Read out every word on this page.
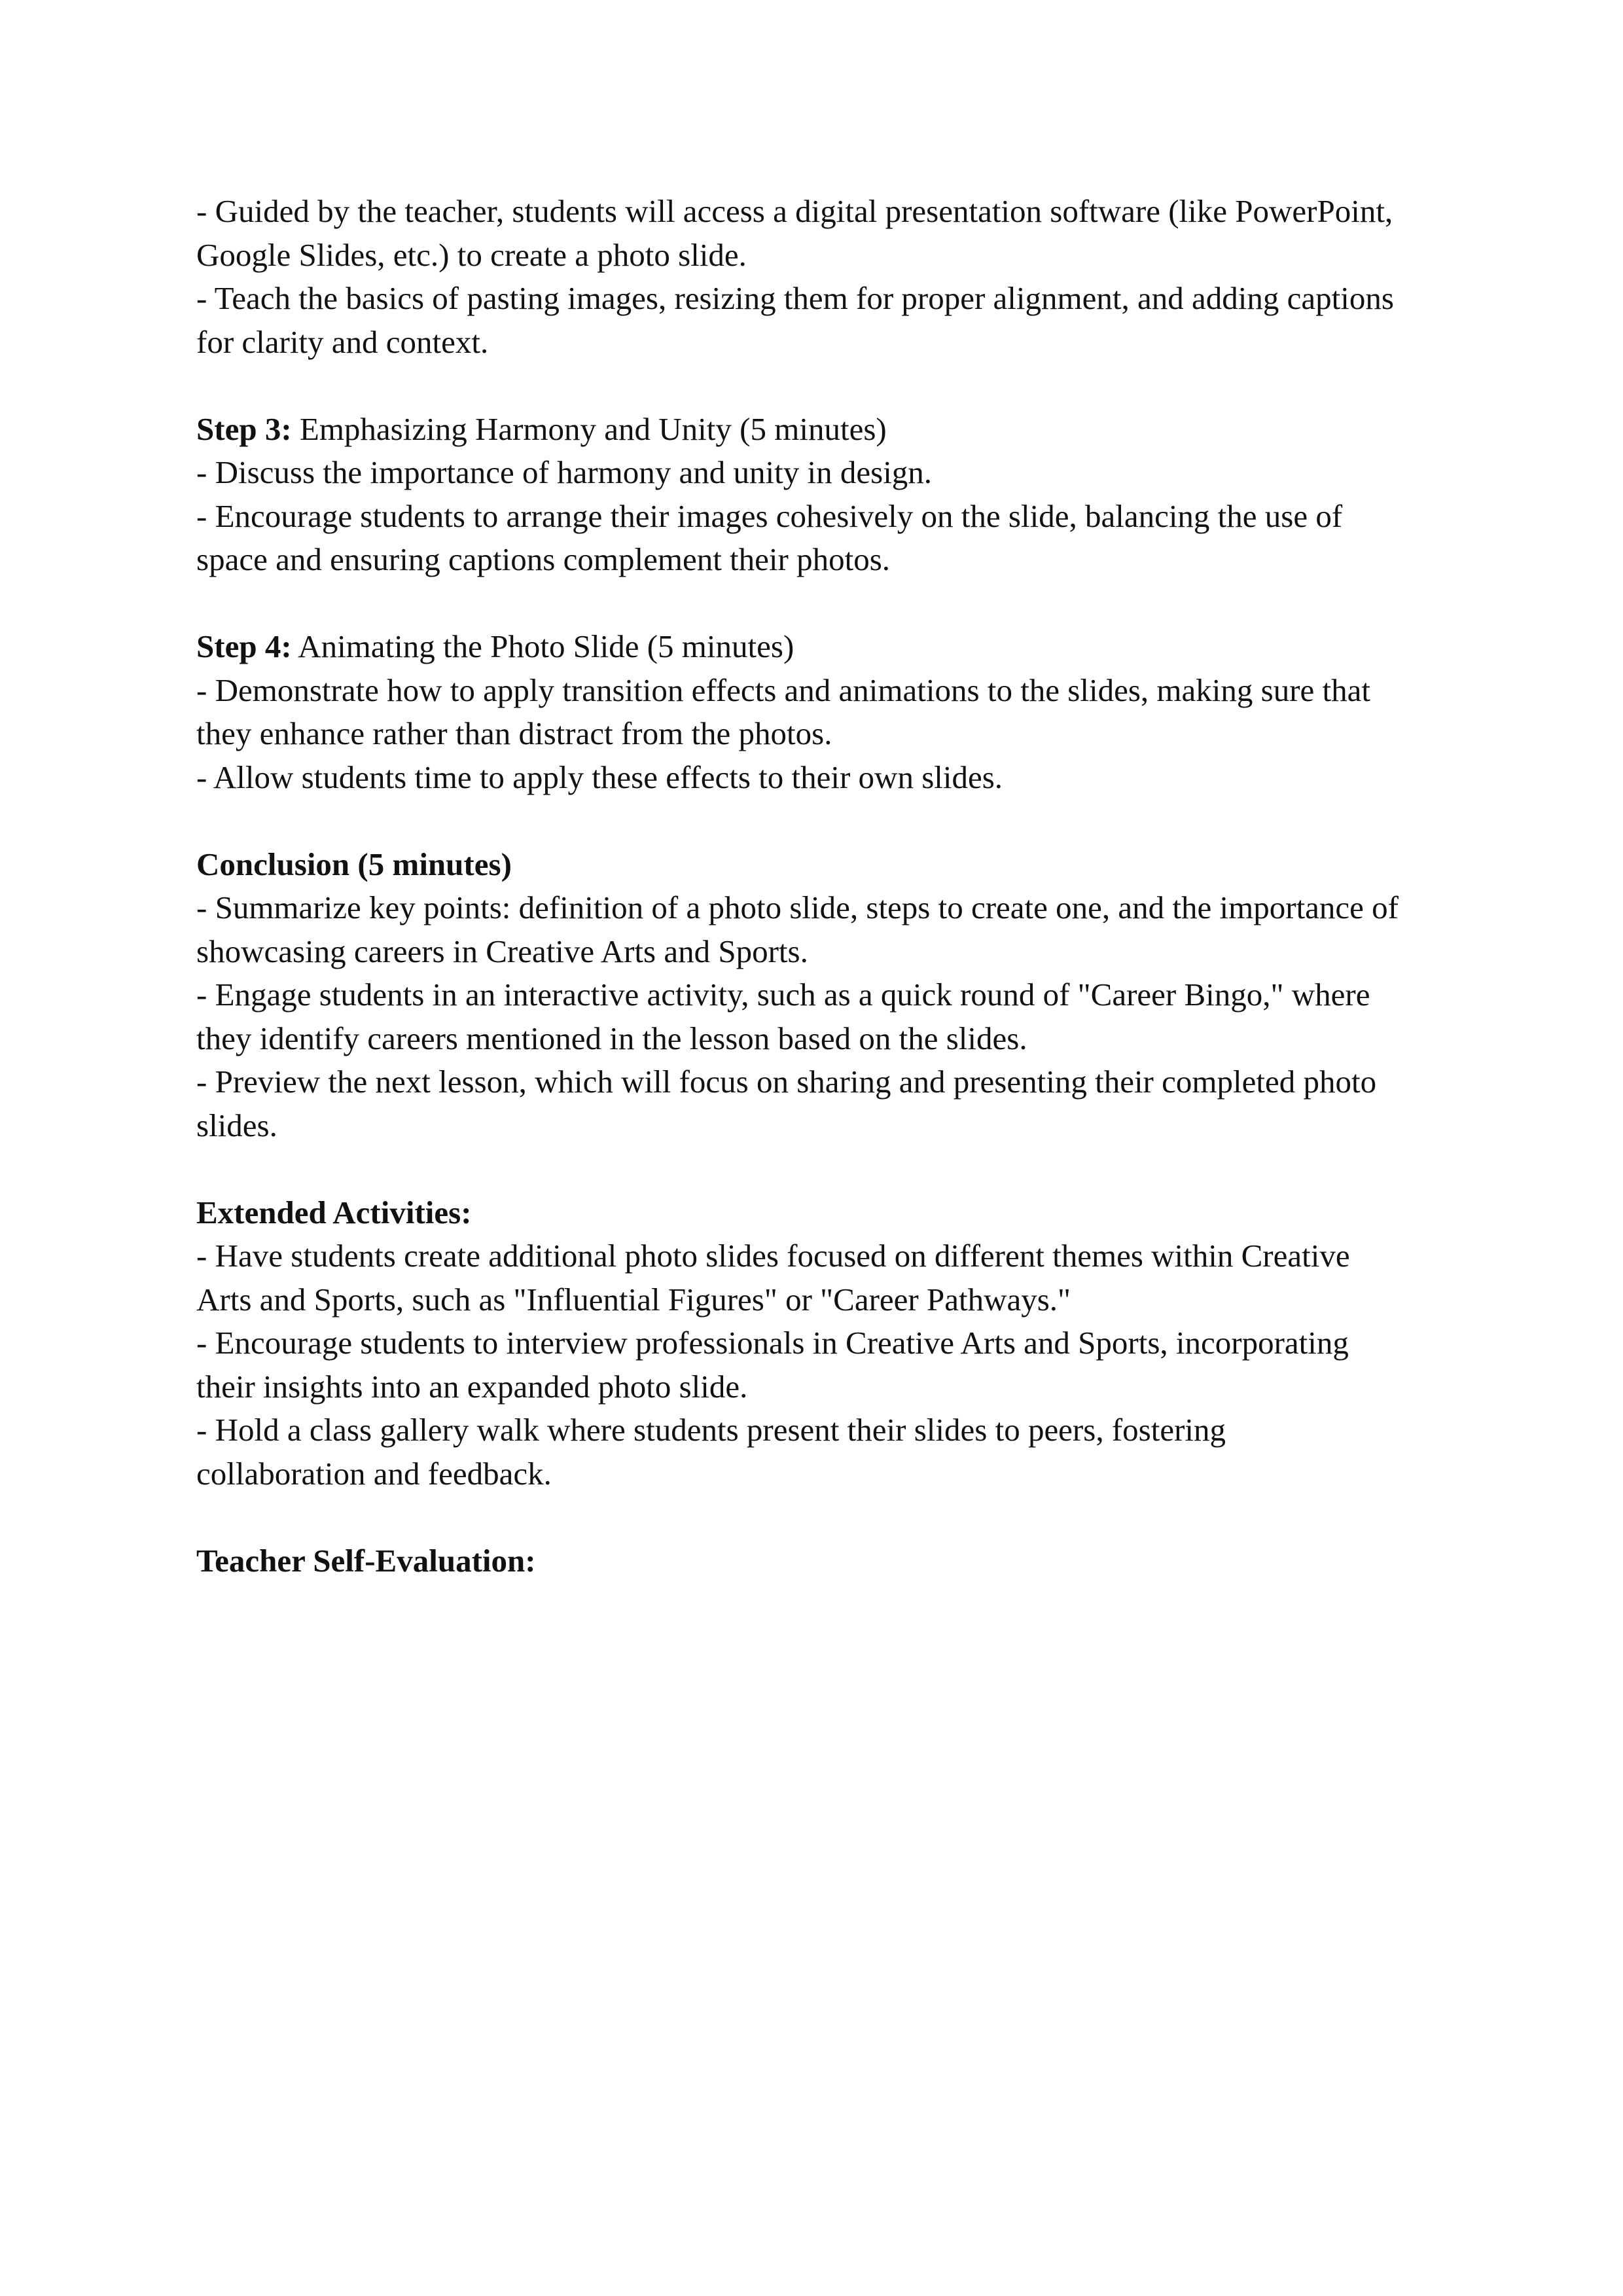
- Guided by the teacher, students will access a digital presentation software (like PowerPoint,
Google Slides, etc.) to create a photo slide.
- Teach the basics of pasting images, resizing them for proper alignment, and adding captions
for clarity and context.
Step 3: Emphasizing Harmony and Unity (5 minutes)
- Discuss the importance of harmony and unity in design.
- Encourage students to arrange their images cohesively on the slide, balancing the use of
space and ensuring captions complement their photos.
Step 4: Animating the Photo Slide (5 minutes)
- Demonstrate how to apply transition effects and animations to the slides, making sure that
they enhance rather than distract from the photos.
- Allow students time to apply these effects to their own slides.
Conclusion (5 minutes)
- Summarize key points: definition of a photo slide, steps to create one, and the importance of
showcasing careers in Creative Arts and Sports.
- Engage students in an interactive activity, such as a quick round of "Career Bingo," where
they identify careers mentioned in the lesson based on the slides.
- Preview the next lesson, which will focus on sharing and presenting their completed photo
slides.
Extended Activities:
- Have students create additional photo slides focused on different themes within Creative
Arts and Sports, such as "Influential Figures" or "Career Pathways."
- Encourage students to interview professionals in Creative Arts and Sports, incorporating
their insights into an expanded photo slide.
- Hold a class gallery walk where students present their slides to peers, fostering
collaboration and feedback.
Teacher Self-Evaluation:
